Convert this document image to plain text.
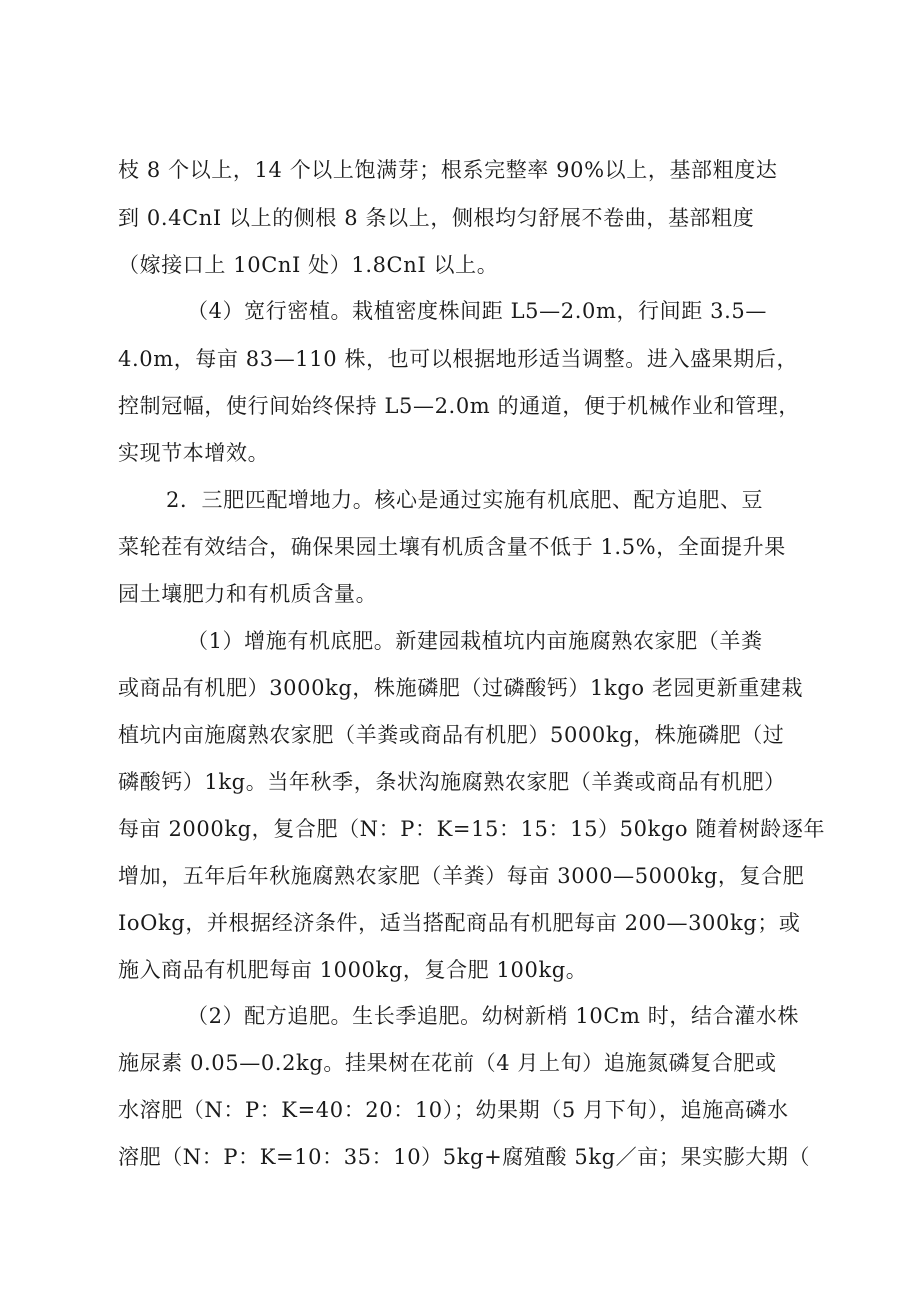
枝 8 个以上，14 个以上饱满芽；根系完整率 90%以上，基部粗度达
到 0.4CnI 以上的侧根 8 条以上，侧根均匀舒展不卷曲，基部粗度
（嫁接口上 10CnI 处）1.8CnI 以上。
（4）宽行密植。栽植密度株间距 L5—2.0m，行间距 3.5—
4.0m，每亩 83—110 株，也可以根据地形适当调整。进入盛果期后，
控制冠幅，使行间始终保持 L5—2.0m 的通道，便于机械作业和管理，
实现节本增效。
2．三肥匹配增地力。核心是通过实施有机底肥、配方追肥、豆
菜轮茬有效结合，确保果园土壤有机质含量不低于 1.5%，全面提升果
园土壤肥力和有机质含量。
（1）增施有机底肥。新建园栽植坑内亩施腐熟农家肥（羊粪
或商品有机肥）3000kg，株施磷肥（过磷酸钙）1kgo 老园更新重建栽
植坑内亩施腐熟农家肥（羊粪或商品有机肥）5000kg，株施磷肥（过
磷酸钙）1kg。当年秋季，条状沟施腐熟农家肥（羊粪或商品有机肥）
每亩 2000kg，复合肥（N：P：K=15：15：15）50kgo 随着树龄逐年
增加，五年后年秋施腐熟农家肥（羊粪）每亩 3000—5000kg，复合肥
IoOkg，并根据经济条件，适当搭配商品有机肥每亩 200—300kg；或
施入商品有机肥每亩 1000kg，复合肥 100kg。
（2）配方追肥。生长季追肥。幼树新梢 10Cm 时，结合灌水株
施尿素 0.05—0.2kg。挂果树在花前（4 月上旬）追施氮磷复合肥或
水溶肥（N：P：K=40：20：10）；幼果期（5 月下旬），追施高磷水
溶肥（N：P：K=10：35：10）5kg+腐殖酸 5kg／亩；果实膨大期（
